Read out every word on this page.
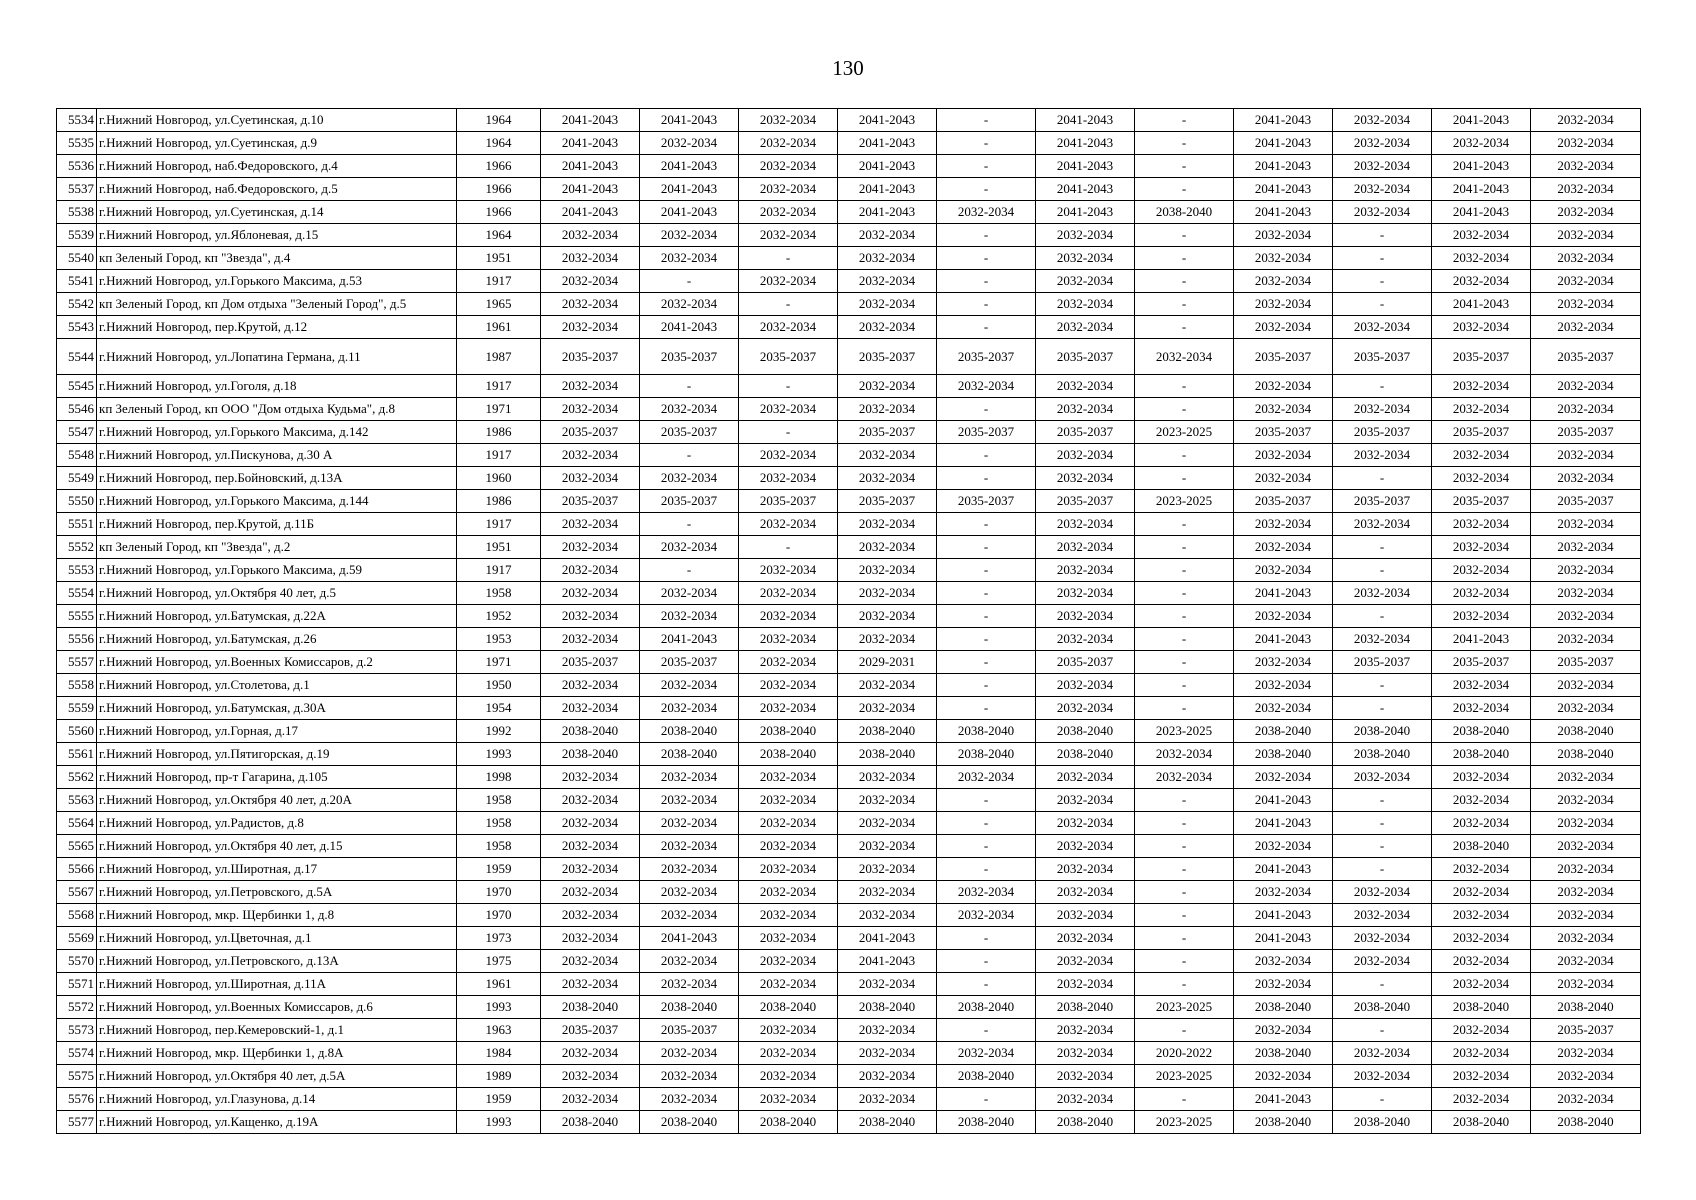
130
5534	г.Нижний Новгород, ул.Суетинская, д.10	1964	2041-2043	2041-2043	2032-2034	2041-2043	-	2041-2043	-	2041-2043	2032-2034	2041-2043	2032-2034
5535	г.Нижний Новгород, ул.Суетинская, д.9	1964	2041-2043	2032-2034	2032-2034	2041-2043	-	2041-2043	-	2041-2043	2032-2034	2032-2034	2032-2034
5536	г.Нижний Новгород, наб.Федоровского, д.4	1966	2041-2043	2041-2043	2032-2034	2041-2043	-	2041-2043	-	2041-2043	2032-2034	2041-2043	2032-2034
5537	г.Нижний Новгород, наб.Федоровского, д.5	1966	2041-2043	2041-2043	2032-2034	2041-2043	-	2041-2043	-	2041-2043	2032-2034	2041-2043	2032-2034
5538	г.Нижний Новгород, ул.Суетинская, д.14	1966	2041-2043	2041-2043	2032-2034	2041-2043	2032-2034	2041-2043	2038-2040	2041-2043	2032-2034	2041-2043	2032-2034
5539	г.Нижний Новгород, ул.Яблоневая, д.15	1964	2032-2034	2032-2034	2032-2034	2032-2034	-	2032-2034	-	2032-2034	-	2032-2034	2032-2034
5540	кп Зеленый Город, кп "Звезда", д.4	1951	2032-2034	2032-2034	-	2032-2034	-	2032-2034	-	2032-2034	-	2032-2034	2032-2034
5541	г.Нижний Новгород, ул.Горького Максима, д.53	1917	2032-2034	-	2032-2034	2032-2034	-	2032-2034	-	2032-2034	-	2032-2034	2032-2034
5542	кп Зеленый Город, кп Дом отдыха "Зеленый Город", д.5	1965	2032-2034	2032-2034	-	2032-2034	-	2032-2034	-	2032-2034	-	2041-2043	2032-2034
5543	г.Нижний Новгород, пер.Крутой, д.12	1961	2032-2034	2041-2043	2032-2034	2032-2034	-	2032-2034	-	2032-2034	2032-2034	2032-2034	2032-2034
5544	г.Нижний Новгород, ул.Лопатина Германа, д.11	1987	2035-2037	2035-2037	2035-2037	2035-2037	2035-2037	2035-2037	2032-2034	2035-2037	2035-2037	2035-2037	2035-2037
5545	г.Нижний Новгород, ул.Гоголя, д.18	1917	2032-2034	-	-	2032-2034	2032-2034	2032-2034	-	2032-2034	-	2032-2034	2032-2034
5546	кп Зеленый Город, кп ООО "Дом отдыха Кудьма", д.8	1971	2032-2034	2032-2034	2032-2034	2032-2034	-	2032-2034	-	2032-2034	2032-2034	2032-2034	2032-2034
5547	г.Нижний Новгород, ул.Горького Максима, д.142	1986	2035-2037	2035-2037	-	2035-2037	2035-2037	2035-2037	2023-2025	2035-2037	2035-2037	2035-2037	2035-2037
5548	г.Нижний Новгород, ул.Пискунова, д.30 А	1917	2032-2034	-	2032-2034	2032-2034	-	2032-2034	-	2032-2034	2032-2034	2032-2034	2032-2034
5549	г.Нижний Новгород, пер.Бойновский, д.13А	1960	2032-2034	2032-2034	2032-2034	2032-2034	-	2032-2034	-	2032-2034	-	2032-2034	2032-2034
5550	г.Нижний Новгород, ул.Горького Максима, д.144	1986	2035-2037	2035-2037	2035-2037	2035-2037	2035-2037	2035-2037	2023-2025	2035-2037	2035-2037	2035-2037	2035-2037
5551	г.Нижний Новгород, пер.Крутой, д.11Б	1917	2032-2034	-	2032-2034	2032-2034	-	2032-2034	-	2032-2034	2032-2034	2032-2034	2032-2034
5552	кп Зеленый Город, кп "Звезда", д.2	1951	2032-2034	2032-2034	-	2032-2034	-	2032-2034	-	2032-2034	-	2032-2034	2032-2034
5553	г.Нижний Новгород, ул.Горького Максима, д.59	1917	2032-2034	-	2032-2034	2032-2034	-	2032-2034	-	2032-2034	-	2032-2034	2032-2034
5554	г.Нижний Новгород, ул.Октября 40 лет, д.5	1958	2032-2034	2032-2034	2032-2034	2032-2034	-	2032-2034	-	2041-2043	2032-2034	2032-2034	2032-2034
5555	г.Нижний Новгород, ул.Батумская, д.22А	1952	2032-2034	2032-2034	2032-2034	2032-2034	-	2032-2034	-	2032-2034	-	2032-2034	2032-2034
5556	г.Нижний Новгород, ул.Батумская, д.26	1953	2032-2034	2041-2043	2032-2034	2032-2034	-	2032-2034	-	2041-2043	2032-2034	2041-2043	2032-2034
5557	г.Нижний Новгород, ул.Военных Комиссаров, д.2	1971	2035-2037	2035-2037	2032-2034	2029-2031	-	2035-2037	-	2032-2034	2035-2037	2035-2037	2035-2037
5558	г.Нижний Новгород, ул.Столетова, д.1	1950	2032-2034	2032-2034	2032-2034	2032-2034	-	2032-2034	-	2032-2034	-	2032-2034	2032-2034
5559	г.Нижний Новгород, ул.Батумская, д.30А	1954	2032-2034	2032-2034	2032-2034	2032-2034	-	2032-2034	-	2032-2034	-	2032-2034	2032-2034
5560	г.Нижний Новгород, ул.Горная, д.17	1992	2038-2040	2038-2040	2038-2040	2038-2040	2038-2040	2038-2040	2023-2025	2038-2040	2038-2040	2038-2040	2038-2040
5561	г.Нижний Новгород, ул.Пятигорская, д.19	1993	2038-2040	2038-2040	2038-2040	2038-2040	2038-2040	2038-2040	2032-2034	2038-2040	2038-2040	2038-2040	2038-2040
5562	г.Нижний Новгород, пр-т Гагарина, д.105	1998	2032-2034	2032-2034	2032-2034	2032-2034	2032-2034	2032-2034	2032-2034	2032-2034	2032-2034	2032-2034	2032-2034
5563	г.Нижний Новгород, ул.Октября 40 лет, д.20А	1958	2032-2034	2032-2034	2032-2034	2032-2034	-	2032-2034	-	2041-2043	-	2032-2034	2032-2034
5564	г.Нижний Новгород, ул.Радистов, д.8	1958	2032-2034	2032-2034	2032-2034	2032-2034	-	2032-2034	-	2041-2043	-	2032-2034	2032-2034
5565	г.Нижний Новгород, ул.Октября 40 лет, д.15	1958	2032-2034	2032-2034	2032-2034	2032-2034	-	2032-2034	-	2032-2034	-	2038-2040	2032-2034
5566	г.Нижний Новгород, ул.Широтная, д.17	1959	2032-2034	2032-2034	2032-2034	2032-2034	-	2032-2034	-	2041-2043	-	2032-2034	2032-2034
5567	г.Нижний Новгород, ул.Петровского, д.5А	1970	2032-2034	2032-2034	2032-2034	2032-2034	2032-2034	2032-2034	-	2032-2034	2032-2034	2032-2034	2032-2034
5568	г.Нижний Новгород, мкр. Щербинки 1, д.8	1970	2032-2034	2032-2034	2032-2034	2032-2034	2032-2034	2032-2034	-	2041-2043	2032-2034	2032-2034	2032-2034
5569	г.Нижний Новгород, ул.Цветочная, д.1	1973	2032-2034	2041-2043	2032-2034	2041-2043	-	2032-2034	-	2041-2043	2032-2034	2032-2034	2032-2034
5570	г.Нижний Новгород, ул.Петровского, д.13А	1975	2032-2034	2032-2034	2032-2034	2041-2043	-	2032-2034	-	2032-2034	2032-2034	2032-2034	2032-2034
5571	г.Нижний Новгород, ул.Широтная, д.11А	1961	2032-2034	2032-2034	2032-2034	2032-2034	-	2032-2034	-	2032-2034	-	2032-2034	2032-2034
5572	г.Нижний Новгород, ул.Военных Комиссаров, д.6	1993	2038-2040	2038-2040	2038-2040	2038-2040	2038-2040	2038-2040	2023-2025	2038-2040	2038-2040	2038-2040	2038-2040
5573	г.Нижний Новгород, пер.Кемеровский-1, д.1	1963	2035-2037	2035-2037	2032-2034	2032-2034	-	2032-2034	-	2032-2034	-	2032-2034	2035-2037
5574	г.Нижний Новгород, мкр. Щербинки 1, д.8А	1984	2032-2034	2032-2034	2032-2034	2032-2034	2032-2034	2032-2034	2020-2022	2038-2040	2032-2034	2032-2034	2032-2034
5575	г.Нижний Новгород, ул.Октября 40 лет, д.5А	1989	2032-2034	2032-2034	2032-2034	2032-2034	2038-2040	2032-2034	2023-2025	2032-2034	2032-2034	2032-2034	2032-2034
5576	г.Нижний Новгород, ул.Глазунова, д.14	1959	2032-2034	2032-2034	2032-2034	2032-2034	-	2032-2034	-	2041-2043	-	2032-2034	2032-2034
5577	г.Нижний Новгород, ул.Кащенко, д.19А	1993	2038-2040	2038-2040	2038-2040	2038-2040	2038-2040	2038-2040	2023-2025	2038-2040	2038-2040	2038-2040	2038-2040
